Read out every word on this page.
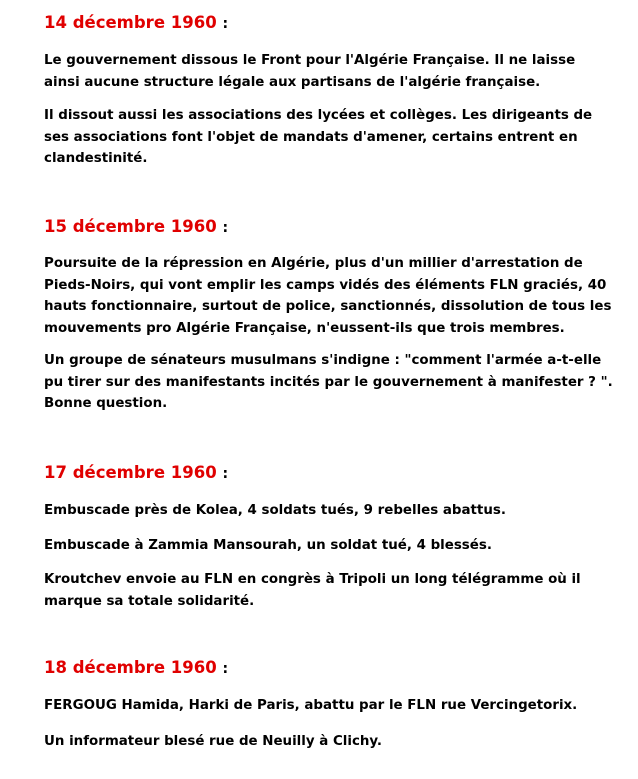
14 décembre 1960 :

Le gouvernement dissous le Front pour l'Algérie Française. Il ne laisse ainsi aucune structure légale aux partisans de l'algérie française.

Il dissout aussi les associations des lycées et collèges. Les dirigeants de ses associations font l'objet de mandats d'amener, certains entrent en clandestinité.

15 décembre 1960 :

Poursuite de la répression en Algérie, plus d'un millier d'arrestation de Pieds-Noirs, qui vont emplir les camps vidés des éléments FLN graciés, 40 hauts fonctionnaire, surtout de police, sanctionnés, dissolution de tous les mouvements pro Algérie Française, n'eussent-ils que trois membres.

Un groupe de sénateurs musulmans s'indigne : "comment l'armée a-t-elle pu tirer sur des manifestants incités par le gouvernement à manifester ? ". Bonne question.

17 décembre 1960 :

Embuscade près de Kolea, 4 soldats tués, 9 rebelles abattus.

Embuscade à Zammia Mansourah, un soldat tué, 4 blessés.

Kroutchev envoie au FLN en congrès à Tripoli un long télégramme où il marque sa totale solidarité.

18 décembre 1960 :

FERGOUG Hamida, Harki de Paris, abattu par le FLN rue Vercingetorix.

Un informateur blesé rue de Neuilly à Clichy.
